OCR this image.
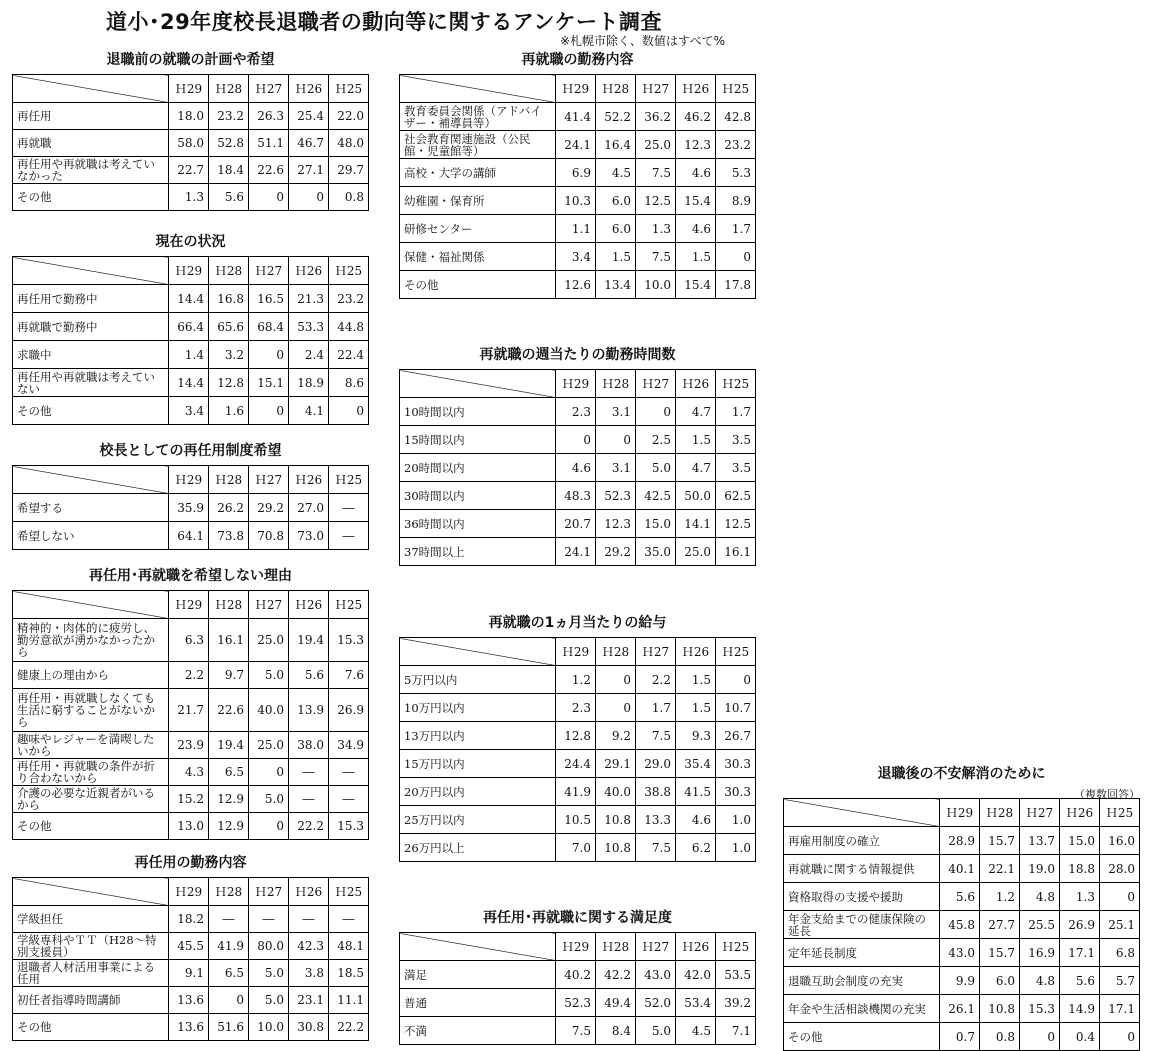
道小･29年度校長退職者の動向等に関するアンケート調査
※札幌市除く、数値はすべて%
退職前の就職の計画や希望
	Ｈ29	Ｈ28	Ｈ27	Ｈ26	Ｈ25
再任用	18.0	23.2	26.3	25.4	22.0
再就職	58.0	52.8	51.1	46.7	48.0
再任用や再就職は考えていなかった	22.7	18.4	22.6	27.1	29.7
その他	1.3	5.6	0	0	0.8
現在の状況
	Ｈ29	Ｈ28	Ｈ27	Ｈ26	Ｈ25
再任用で勤務中	14.4	16.8	16.5	21.3	23.2
再就職で勤務中	66.4	65.6	68.4	53.3	44.8
求職中	1.4	3.2	0	2.4	22.4
再任用や再就職は考えていない	14.4	12.8	15.1	18.9	8.6
その他	3.4	1.6	0	4.1	0
校長としての再任用制度希望
	Ｈ29	Ｈ28	Ｈ27	Ｈ26	Ｈ25
希望する	35.9	26.2	29.2	27.0	―
希望しない	64.1	73.8	70.8	73.0	―
再任用･再就職を希望しない理由
	Ｈ29	Ｈ28	Ｈ27	Ｈ26	Ｈ25
精神的・肉体的に疲労し、勤労意欲が湧かなかったから	6.3	16.1	25.0	19.4	15.3
健康上の理由から	2.2	9.7	5.0	5.6	7.6
再任用・再就職しなくても生活に窮することがないから	21.7	22.6	40.0	13.9	26.9
趣味やレジャーを満喫したいから	23.9	19.4	25.0	38.0	34.9
再任用・再就職の条件が折り合わないから	4.3	6.5	0	―	―
介護の必要な近親者がいるから	15.2	12.9	5.0	―	―
その他	13.0	12.9	0	22.2	15.3
再任用の勤務内容
	Ｈ29	Ｈ28	Ｈ27	Ｈ26	Ｈ25
学級担任	18.2	―	―	―	―
学級専科やＴＴ（H28～特別支援員）	45.5	41.9	80.0	42.3	48.1
退職者人材活用事業による任用	9.1	6.5	5.0	3.8	18.5
初任者指導時間講師	13.6	0	5.0	23.1	11.1
その他	13.6	51.6	10.0	30.8	22.2
再就職の勤務内容
	Ｈ29	Ｈ28	Ｈ27	Ｈ26	Ｈ25
教育委員会関係（アドバイザー・補導員等）	41.4	52.2	36.2	46.2	42.8
社会教育関連施設（公民館・児童館等）	24.1	16.4	25.0	12.3	23.2
高校・大学の講師	6.9	4.5	7.5	4.6	5.3
幼稚園・保育所	10.3	6.0	12.5	15.4	8.9
研修センター	1.1	6.0	1.3	4.6	1.7
保健・福祉関係	3.4	1.5	7.5	1.5	0
その他	12.6	13.4	10.0	15.4	17.8
再就職の週当たりの勤務時間数
	Ｈ29	Ｈ28	Ｈ27	Ｈ26	Ｈ25
10時間以内	2.3	3.1	0	4.7	1.7
15時間以内	0	0	2.5	1.5	3.5
20時間以内	4.6	3.1	5.0	4.7	3.5
30時間以内	48.3	52.3	42.5	50.0	62.5
36時間以内	20.7	12.3	15.0	14.1	12.5
37時間以上	24.1	29.2	35.0	25.0	16.1
再就職の1ヵ月当たりの給与
	Ｈ29	Ｈ28	Ｈ27	Ｈ26	Ｈ25
5万円以内	1.2	0	2.2	1.5	0
10万円以内	2.3	0	1.7	1.5	10.7
13万円以内	12.8	9.2	7.5	9.3	26.7
15万円以内	24.4	29.1	29.0	35.4	30.3
20万円以内	41.9	40.0	38.8	41.5	30.3
25万円以内	10.5	10.8	13.3	4.6	1.0
26万円以上	7.0	10.8	7.5	6.2	1.0
再任用･再就職に関する満足度
	Ｈ29	Ｈ28	Ｈ27	Ｈ26	Ｈ25
満足	40.2	42.2	43.0	42.0	53.5
普通	52.3	49.4	52.0	53.4	39.2
不満	7.5	8.4	5.0	4.5	7.1
退職後の不安解消のために
（複数回答）
	Ｈ29	Ｈ28	Ｈ27	Ｈ26	Ｈ25
再雇用制度の確立	28.9	15.7	13.7	15.0	16.0
再就職に関する情報提供	40.1	22.1	19.0	18.8	28.0
資格取得の支援や援助	5.6	1.2	4.8	1.3	0
年金支給までの健康保険の延長	45.8	27.7	25.5	26.9	25.1
定年延長制度	43.0	15.7	16.9	17.1	6.8
退職互助会制度の充実	9.9	6.0	4.8	5.6	5.7
年金や生活相談機関の充実	26.1	10.8	15.3	14.9	17.1
その他	0.7	0.8	0	0.4	0
